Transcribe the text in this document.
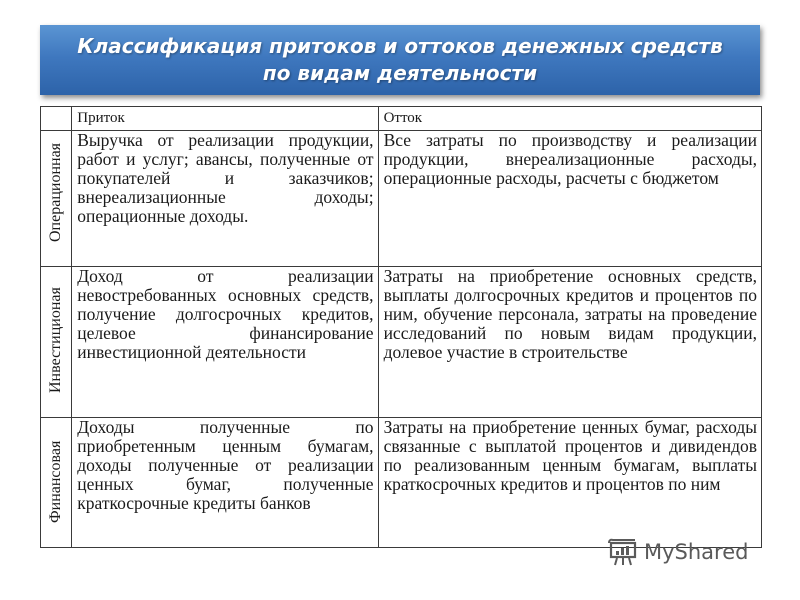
Классификация притоков и оттоков денежных средств по видам деятельности
	Приток	Отток

Операционная	Выручка от реализации продукции, работ и услуг; авансы, полученные от покупателей и заказчиков; внереализационные доходы; операционные доходы.	Все затраты по производству и реализации продукции, внереализационные расходы, операционные расходы, расчеты с бюджетом

Инвестиционая	Доход от реализации невостребованных основных средств, получение долгосрочных кредитов, целевое финансирование инвестиционной деятельности	Затраты на приобретение основных средств, выплаты долгосрочных кредитов и процентов по ним, обучение персонала, затраты на проведение исследований по новым видам продукции, долевое участие в строительстве

Финансовая	Доходы полученные по приобретенным ценным бумагам, доходы полученные от реализации ценных бумаг, полученные краткосрочные кредиты банков	Затраты на приобретение ценных бумаг, расходы связанные с выплатой процентов и дивидендов по реализованным ценным бумагам, выплаты краткосрочных кредитов и процентов по ним
MyShared
